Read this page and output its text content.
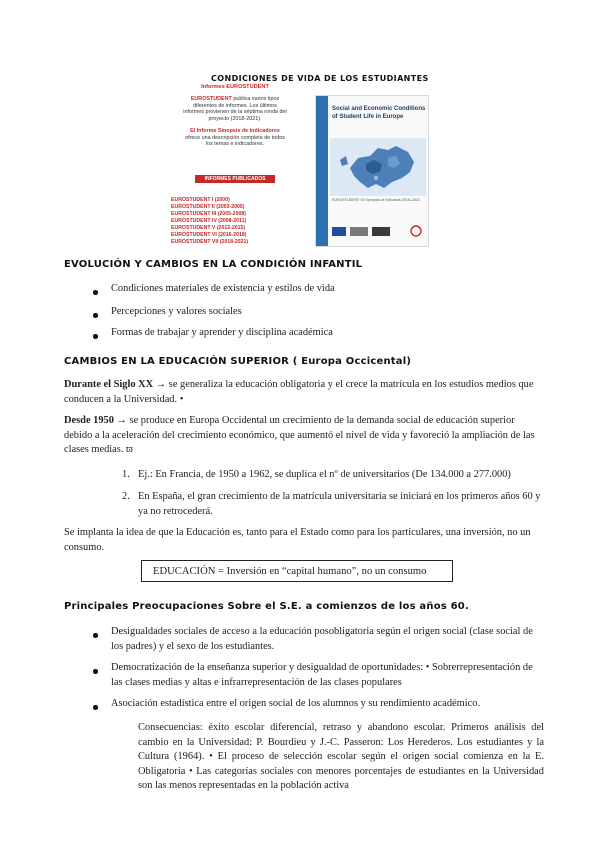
CONDICIONES DE VIDA DE LOS ESTUDIANTES
Informes EUROSTUDENT
EUROSTUDENT publica varios tipos
diferentes de informes. Los últimos
informes provienen de la séptima ronda del
proyecto (2018-2021).
El Informe Sinopsis de indicadores
ofrece una descripción completa de todos
los temas e indicadores.
INFORMES PUBLICADOS
EUROSTUDENT I (2000)
EUROSTUDENT II (2003-2005)
EUROSTUDENT III (2005-2008)
EUROSTUDENT IV (2008-2011)
EUROSTUDENT V (2012-2015)
EUROSTUDENT VI (2016-2018)
EUROSTUDENT VII (2018-2021)
Social and Economic Conditions of Student Life in Europe
EUROSTUDENT VII Synopsis of Indicators 2018–2021
EVOLUCIÓN Y CAMBIOS EN LA CONDICIÓN INFANTIL
Condiciones materiales de existencia y estilos de vida
Percepciones y valores sociales
Formas de trabajar y aprender y disciplina académica
CAMBIOS EN LA EDUCACIÓN SUPERIOR ( Europa Occicental)
Durante el Siglo XX → se generaliza la educación obligatoria y el crece la matrícula en los estudios medios que conducen a la Universidad. •
Desde 1950 → se produce en Europa Occidental un crecimiento de la demanda social de educación superior debido a la aceleración del crecimiento económico, que aumentó el nivel de vida y favoreció la ampliación de las clases medias. ϖ
1. Ej.: En Francia, de 1950 a 1962, se duplica el nº de universitarios (De 134.000 a 277.000)
2. En España, el gran crecimiento de la matrícula universitaria se iniciará en los primeros años 60 y ya no retrocederá.
Se implanta la idea de que la Educación es, tanto para el Estado como para los particulares, una inversión, no un consumo.
EDUCACIÓN = Inversión en “capital humano”, no un consumo
Principales Preocupaciones Sobre el S.E. a comienzos de los años 60.
Desigualdades sociales de acceso a la educación posobligatoria según el origen social (clase social de los padres) y el sexo de los estudiantes.
Democratización de la enseñanza superior y desigualdad de oportunidades: • Sobrerrepresentación de las clases medias y altas e infrarrepresentación de las clases populares
Asociación estadística entre el origen social de los alumnos y su rendimiento académico.
Consecuencias: éxito escolar diferencial, retraso y abandono escolar. Primeros análisis del cambio en la Universidad: P. Bourdieu y J.-C. Passeron: Los Herederos. Los estudiantes y la Cultura (1964). • El proceso de selección escolar según el origen social comienza en la E. Obligatoria • Las categorías sociales con menores porcentajes de estudiantes en la Universidad son las menos representadas en la población activa
